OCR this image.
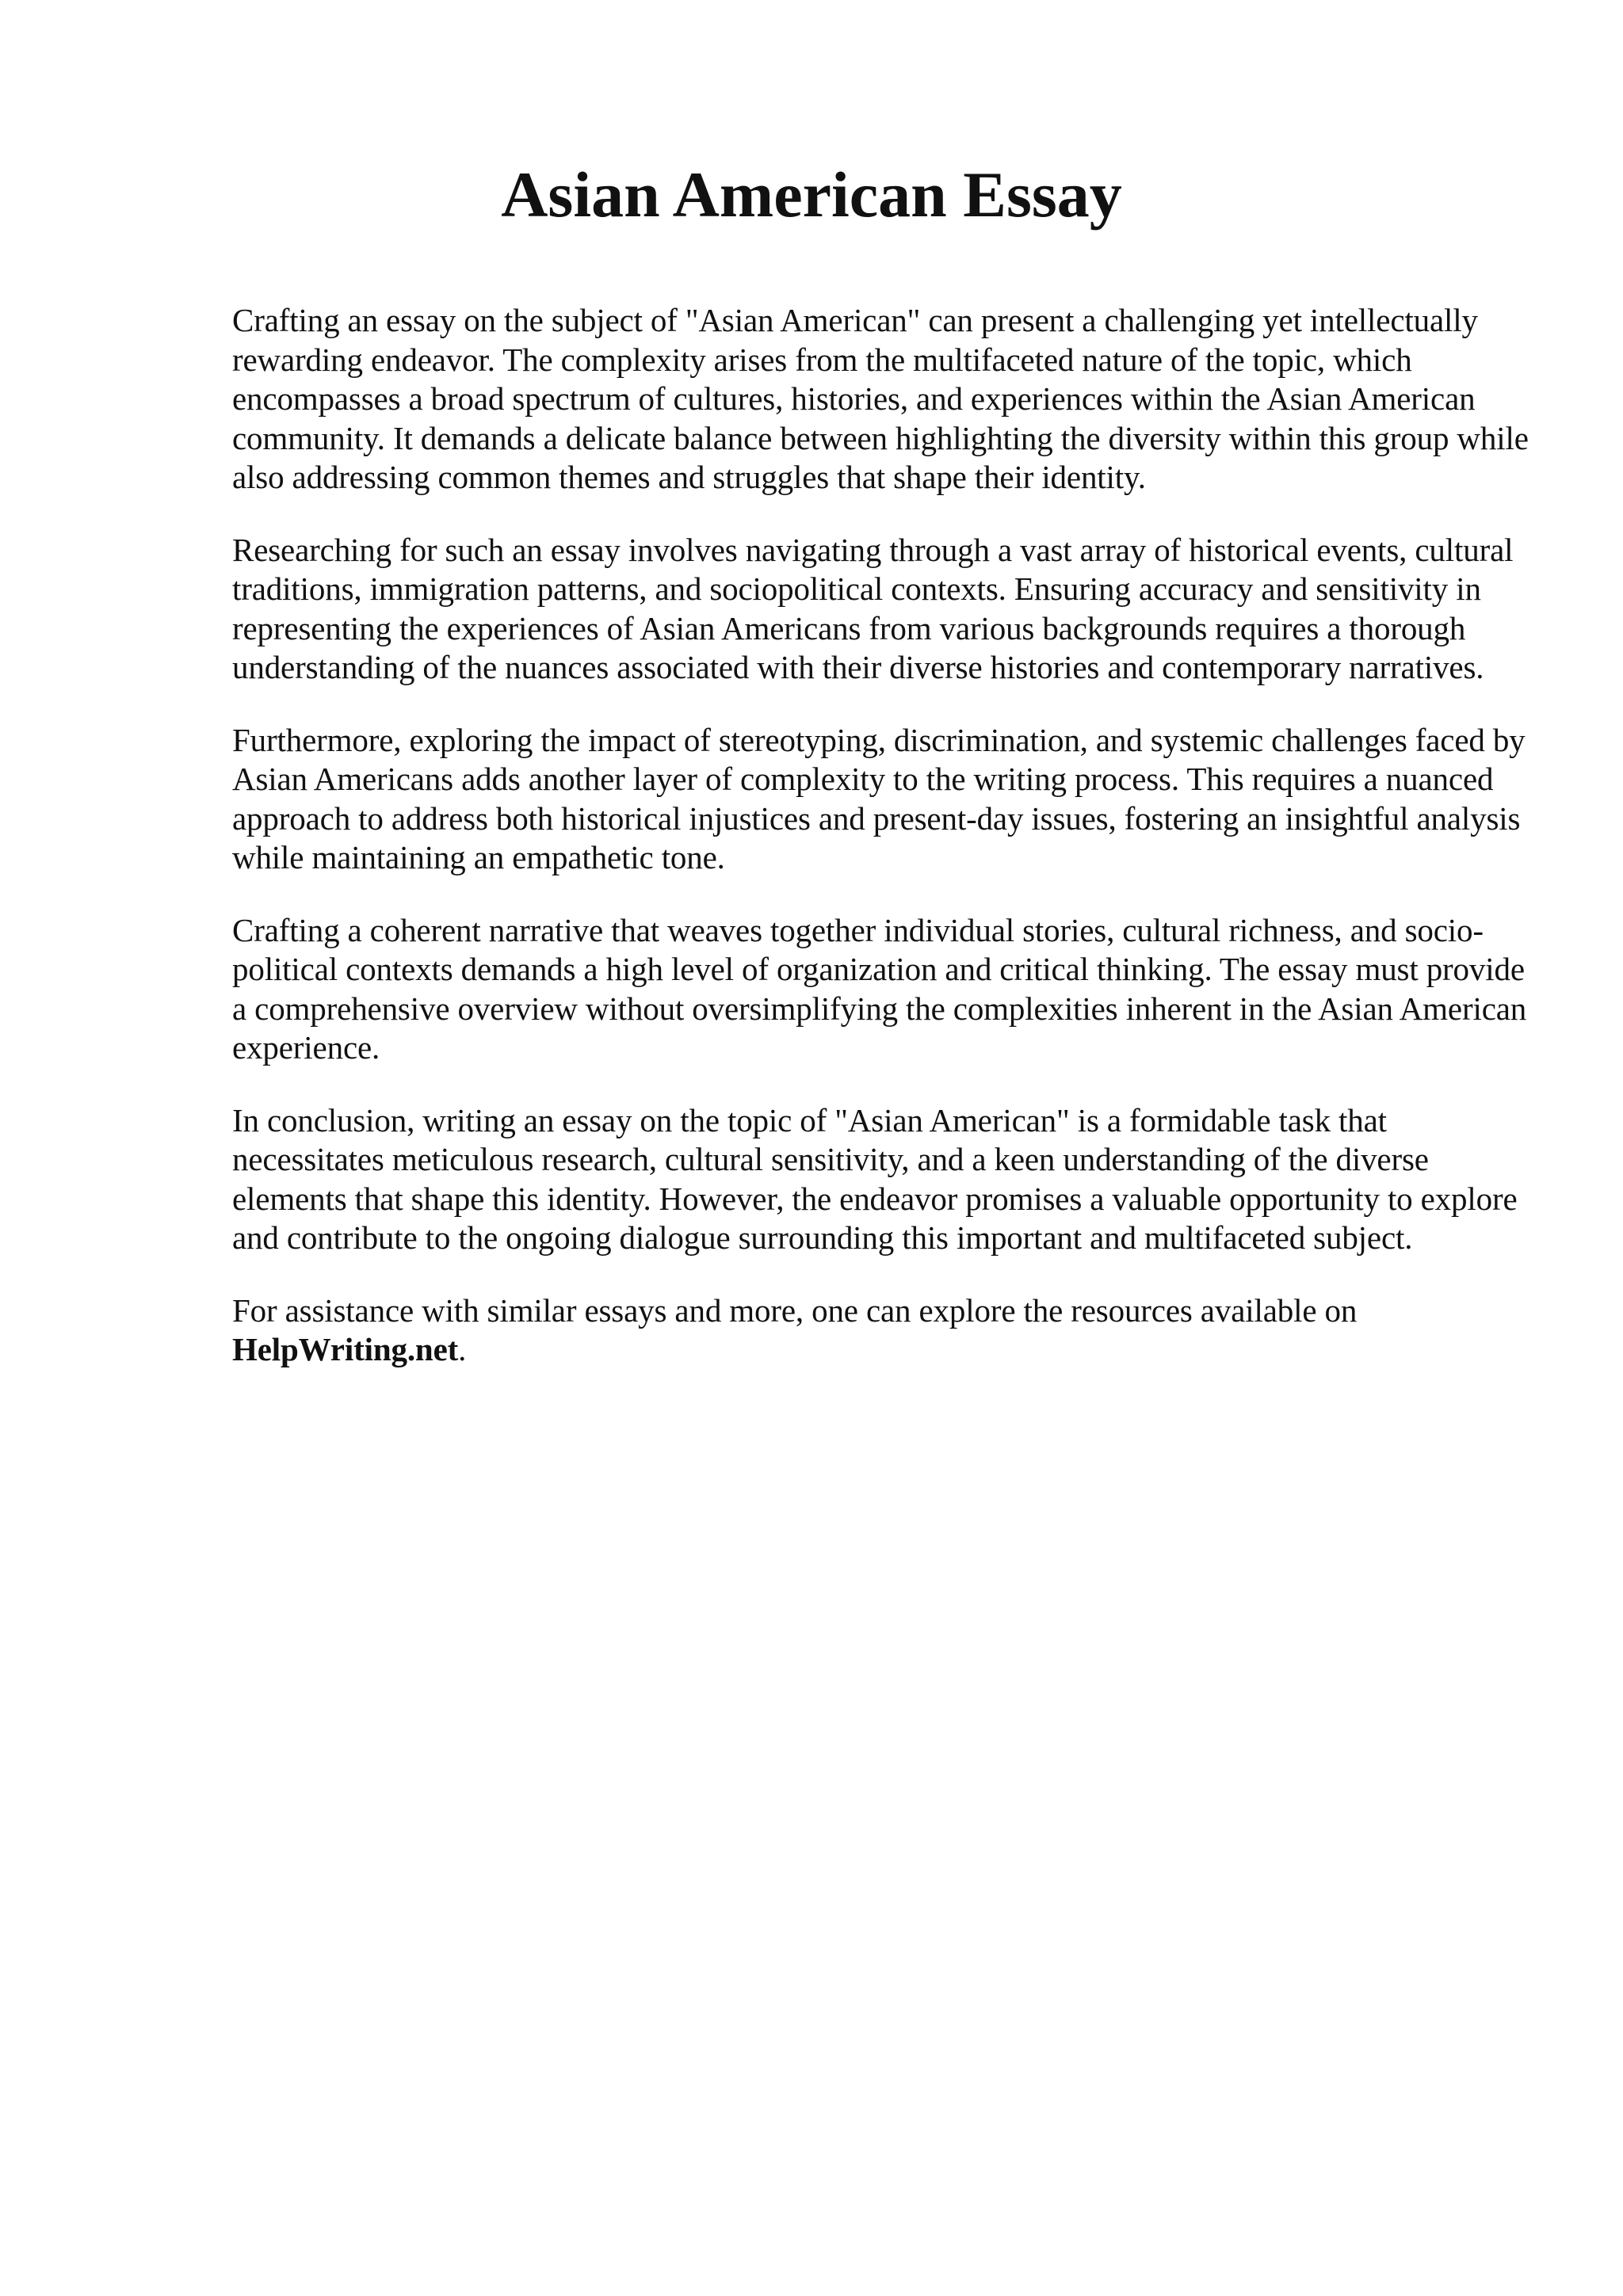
Asian American Essay

Crafting an essay on the subject of "Asian American" can present a challenging yet intellectually rewarding endeavor. The complexity arises from the multifaceted nature of the topic, which encompasses a broad spectrum of cultures, histories, and experiences within the Asian American community. It demands a delicate balance between highlighting the diversity within this group while also addressing common themes and struggles that shape their identity.

Researching for such an essay involves navigating through a vast array of historical events, cultural traditions, immigration patterns, and sociopolitical contexts. Ensuring accuracy and sensitivity in representing the experiences of Asian Americans from various backgrounds requires a thorough understanding of the nuances associated with their diverse histories and contemporary narratives.

Furthermore, exploring the impact of stereotyping, discrimination, and systemic challenges faced by Asian Americans adds another layer of complexity to the writing process. This requires a nuanced approach to address both historical injustices and present-day issues, fostering an insightful analysis while maintaining an empathetic tone.

Crafting a coherent narrative that weaves together individual stories, cultural richness, and socio-political contexts demands a high level of organization and critical thinking. The essay must provide a comprehensive overview without oversimplifying the complexities inherent in the Asian American experience.

In conclusion, writing an essay on the topic of "Asian American" is a formidable task that necessitates meticulous research, cultural sensitivity, and a keen understanding of the diverse elements that shape this identity. However, the endeavor promises a valuable opportunity to explore and contribute to the ongoing dialogue surrounding this important and multifaceted subject.

For assistance with similar essays and more, one can explore the resources available on HelpWriting.net.
